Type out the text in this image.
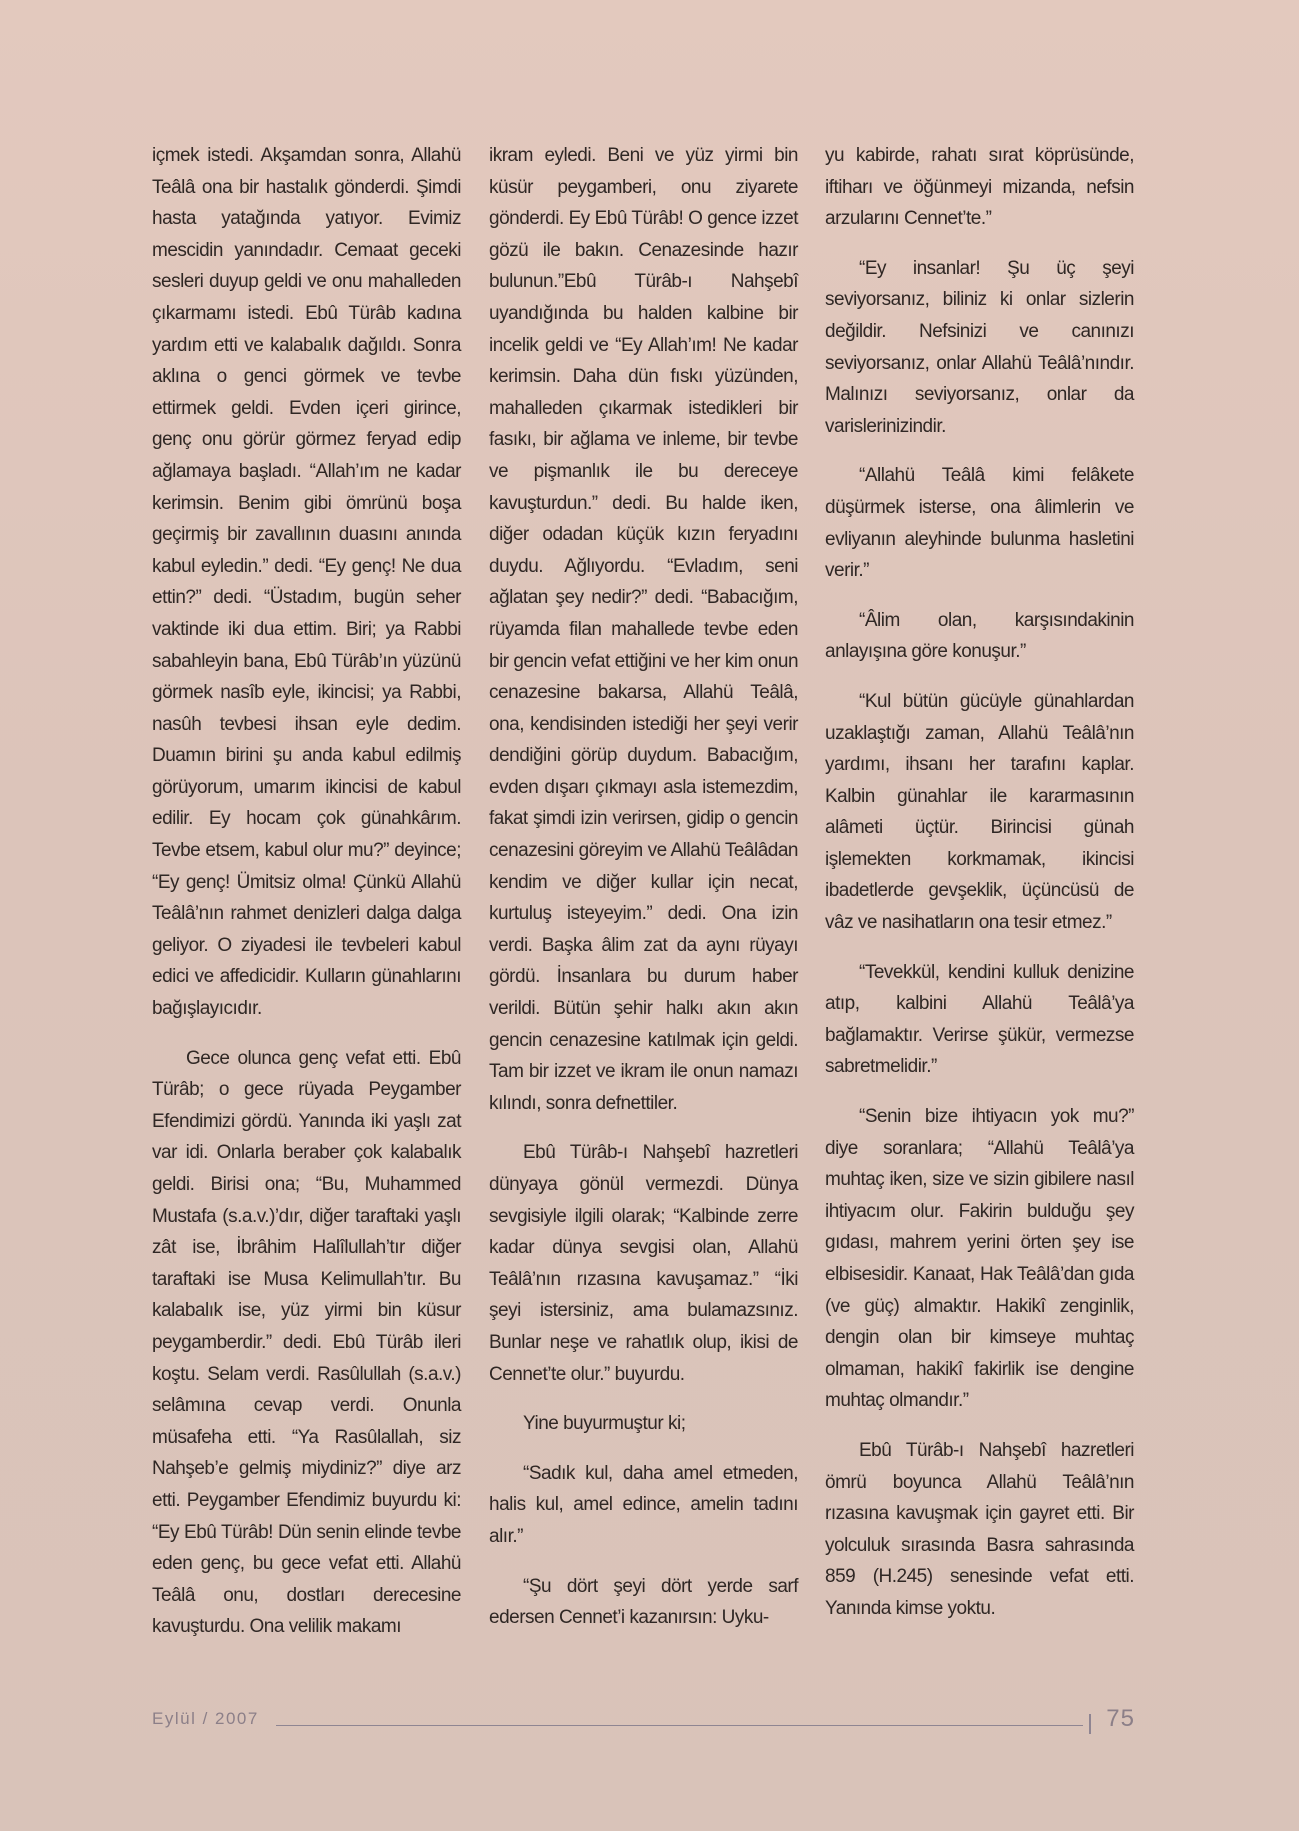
içmek istedi. Akşamdan sonra, Allahü Teâlâ ona bir hastalık gönderdi. Şimdi hasta yatağında yatıyor. Evimiz mescidin yanındadır. Cemaat geceki sesleri duyup geldi ve onu mahalleden çıkarmamı istedi. Ebû Türâb kadına yardım etti ve kalabalık dağıldı. Sonra aklına o genci görmek ve tevbe ettirmek geldi. Evden içeri girince, genç onu görür görmez feryad edip ağlamaya başladı. “Allah’ım ne kadar kerimsin. Benim gibi ömrünü boşa geçirmiş bir zavallının duasını anında kabul eyledin.” dedi. “Ey genç! Ne dua ettin?” dedi. “Üstadım, bugün seher vaktinde iki dua ettim. Biri; ya Rabbi sabahleyin bana, Ebû Türâb’ın yüzünü görmek nasîb eyle, ikincisi; ya Rabbi, nasûh tevbesi ihsan eyle dedim. Duamın birini şu anda kabul edilmiş görüyorum, umarım ikincisi de kabul edilir. Ey hocam çok günahkârım. Tevbe etsem, kabul olur mu?” deyince; “Ey genç! Ümitsiz olma! Çünkü Allahü Teâlâ’nın rahmet denizleri dalga dalga geliyor. O ziyadesi ile tevbeleri kabul edici ve affedicidir. Kulların günahlarını bağışlayıcıdır.

Gece olunca genç vefat etti. Ebû Türâb; o gece rüyada Peygamber Efendimizi gördü. Yanında iki yaşlı zat var idi. Onlarla beraber çok kalabalık geldi. Birisi ona; “Bu, Muhammed Mustafa (s.a.v.)’dır, diğer taraftaki yaşlı zât ise, İbrâhim Halîlullah’tır diğer taraftaki ise Musa Kelimullah’tır. Bu kalabalık ise, yüz yirmi bin küsur peygamberdir.” dedi. Ebû Türâb ileri koştu. Selam verdi. Rasûlullah (s.a.v.) selâmına cevap verdi. Onunla müsafeha etti. “Ya Rasûlallah, siz Nahşeb’e gelmiş miydiniz?” diye arz etti. Peygamber Efendimiz buyurdu ki: “Ey Ebû Türâb! Dün senin elinde tevbe eden genç, bu gece vefat etti. Allahü Teâlâ onu, dostları derecesine kavuşturdu. Ona velilik makamı

ikram eyledi. Beni ve yüz yirmi bin küsür peygamberi, onu ziyarete gönderdi. Ey Ebû Türâb! O gence izzet gözü ile bakın. Cenazesinde hazır bulunun.”Ebû Türâb-ı Nahşebî uyandığında bu halden kalbine bir incelik geldi ve “Ey Allah’ım! Ne kadar kerimsin. Daha dün fıskı yüzünden, mahalleden çıkarmak istedikleri bir fasıkı, bir ağlama ve inleme, bir tevbe ve pişmanlık ile bu dereceye kavuşturdun.” dedi. Bu halde iken, diğer odadan küçük kızın feryadını duydu. Ağlıyordu. “Evladım, seni ağlatan şey nedir?” dedi. “Babacığım, rüyamda filan mahallede tevbe eden bir gencin vefat ettiğini ve her kim onun cenazesine bakarsa, Allahü Teâlâ, ona, kendisinden istediği her şeyi verir dendiğini görüp duydum. Babacığım, evden dışarı çıkmayı asla istemezdim, fakat şimdi izin verirsen, gidip o gencin cenazesini göreyim ve Allahü Teâlâdan kendim ve diğer kullar için necat, kurtuluş isteyeyim.” dedi. Ona izin verdi. Başka âlim zat da aynı rüyayı gördü. İnsanlara bu durum haber verildi. Bütün şehir halkı akın akın gencin cenazesine katılmak için geldi. Tam bir izzet ve ikram ile onun namazı kılındı, sonra defnettiler.

Ebû Türâb-ı Nahşebî hazretleri dünyaya gönül vermezdi. Dünya sevgisiyle ilgili olarak; “Kalbinde zerre kadar dünya sevgisi olan, Allahü Teâlâ’nın rızasına kavuşamaz.” “İki şeyi istersiniz, ama bulamazsınız. Bunlar neşe ve rahatlık olup, ikisi de Cennet’te olur.” buyurdu.

Yine buyurmuştur ki;

“Sadık kul, daha amel etmeden, halis kul, amel edince, amelin tadını alır.”

“Şu dört şeyi dört yerde sarf edersen Cennet’i kazanırsın: Uyku-

yu kabirde, rahatı sırat köprüsünde, iftiharı ve öğünmeyi mizanda, nefsin arzularını Cennet’te.”

“Ey insanlar! Şu üç şeyi seviyorsanız, biliniz ki onlar sizlerin değildir. Nefsinizi ve canınızı seviyorsanız, onlar Allahü Teâlâ’nındır. Malınızı seviyorsanız, onlar da varislerinizindir.

“Allahü Teâlâ kimi felâkete düşürmek isterse, ona âlimlerin ve evliyanın aleyhinde bulunma hasletini verir.”

“Âlim olan, karşısındakinin anlayışına göre konuşur.”

“Kul bütün gücüyle günahlardan uzaklaştığı zaman, Allahü Teâlâ’nın yardımı, ihsanı her tarafını kaplar. Kalbin günahlar ile kararmasının alâmeti üçtür. Birincisi günah işlemekten korkmamak, ikincisi ibadetlerde gevşeklik, üçüncüsü de vâz ve nasihatların ona tesir etmez.”

“Tevekkül, kendini kulluk denizine atıp, kalbini Allahü Teâlâ’ya bağlamaktır. Verirse şükür, vermezse sabretmelidir.”

“Senin bize ihtiyacın yok mu?” diye soranlara; “Allahü Teâlâ’ya muhtaç iken, size ve sizin gibilere nasıl ihtiyacım olur. Fakirin bulduğu şey gıdası, mahrem yerini örten şey ise elbisesidir. Kanaat, Hak Teâlâ’dan gıda (ve güç) almaktır. Hakikî zenginlik, dengin olan bir kimseye muhtaç olmaman, hakikî fakirlik ise dengine muhtaç olmandır.”

Ebû Türâb-ı Nahşebî hazretleri ömrü boyunca Allahü Teâlâ’nın rızasına kavuşmak için gayret etti. Bir yolculuk sırasında Basra sahrasında 859 (H.245) senesinde vefat etti. Yanında kimse yoktu.

Eylül / 2007	75
